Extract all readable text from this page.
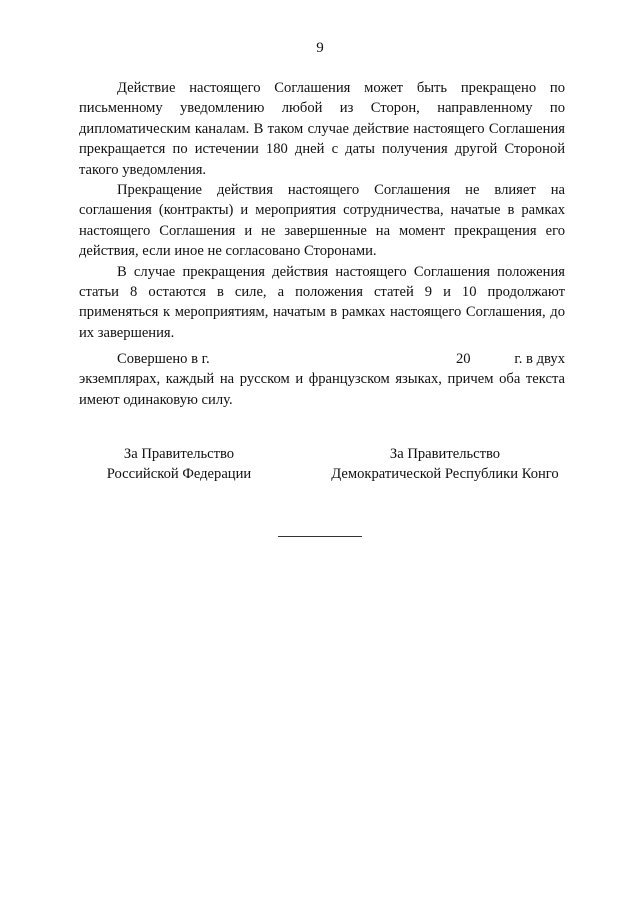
9

Действие настоящего Соглашения может быть прекращено по письменному уведомлению любой из Сторон, направленному по дипломатическим каналам. В таком случае действие настоящего Соглашения прекращается по истечении 180 дней с даты получения другой Стороной такого уведомления.

Прекращение действия настоящего Соглашения не влияет на соглашения (контракты) и мероприятия сотрудничества, начатые в рамках настоящего Соглашения и не завершенные на момент прекращения его действия, если иное не согласовано Сторонами.

В случае прекращения действия настоящего Соглашения положения статьи 8 остаются в силе, а положения статей 9 и 10 продолжают применяться к мероприятиям, начатым в рамках настоящего Соглашения, до их завершения.

Совершено в г.	20	г. в двух

экземплярах, каждый на русском и французском языках, причем оба текста имеют одинаковую силу.

За Правительство
Российской Федерации
За Правительство
Демократической Республики Конго
